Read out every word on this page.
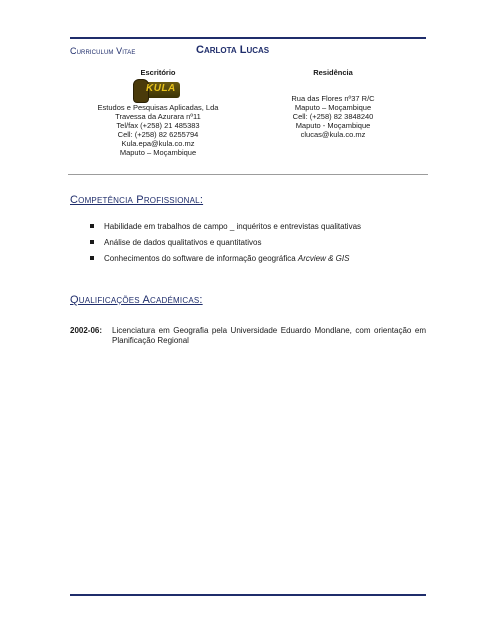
Curriculum Vitae	Carlota Lucas
Escritório
KULA

Estudos e Pesquisas Aplicadas, Lda

Travessa da Azurara nº11

Tel/fax (+258) 21 485383

Cell: (+258) 82 6255794

Kula.epa@kula.co.mz

Maputo – Moçambique

Residência

Rua das Flores nº37 R/C

Maputo – Moçambique

Cell: (+258) 82 3848240

Maputo - Moçambique

clucas@kula.co.mz

Competência Profissional:
Habilidade em trabalhos de campo _ inquéritos e entrevistas qualitativas
Análise de dados qualitativos e quantitativos
Conhecimentos do software de informação geográfica Arcview & GIS
Qualificações Académicas:
2002-06: Licenciatura em Geografia pela Universidade Eduardo Mondlane, com orientação em Planificação Regional
